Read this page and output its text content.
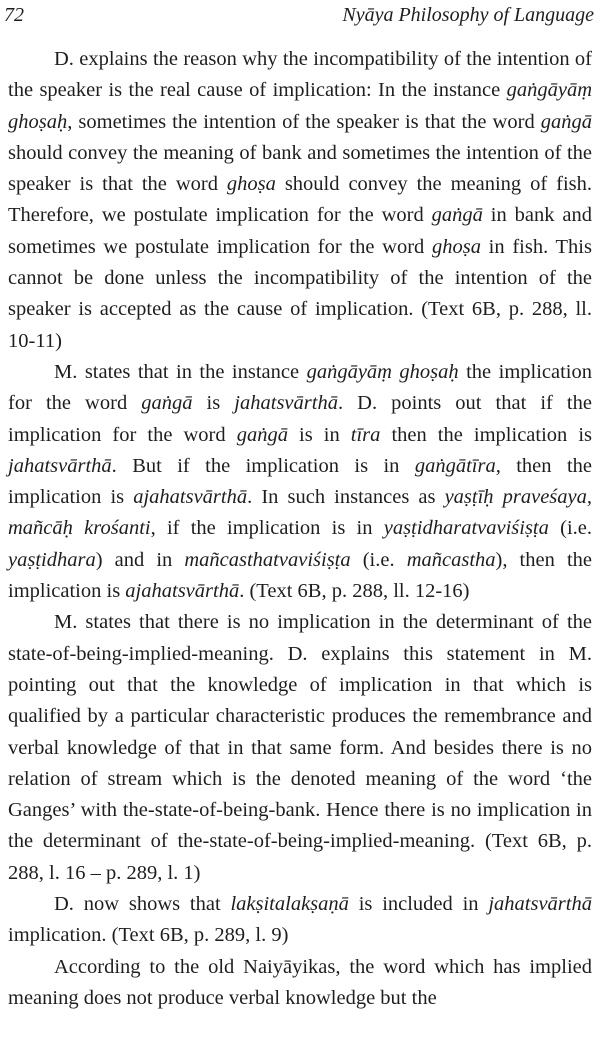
72	Nyāya Philosophy of Language

D. explains the reason why the incompatibility of the intention of the speaker is the real cause of implication: In the instance gaṅgāyāṃ ghoṣaḥ, sometimes the intention of the speaker is that the word gaṅgā should convey the meaning of bank and sometimes the intention of the speaker is that the word ghoṣa should convey the meaning of fish. Therefore, we postulate implication for the word gaṅgā in bank and sometimes we postulate implication for the word ghoṣa in fish. This cannot be done unless the incompatibility of the intention of the speaker is accepted as the cause of implication. (Text 6B, p. 288, ll. 10-11)

M. states that in the instance gaṅgāyāṃ ghoṣaḥ the implication for the word gaṅgā is jahatsvārthā. D. points out that if the implication for the word gaṅgā is in tīra then the implication is jahatsvārthā. But if the implication is in gaṅgātīra, then the implication is ajahatsvārthā. In such instances as yaṣṭīḥ praveśaya, mañcāḥ krośanti, if the implication is in yaṣṭidharatvaviśiṣṭa (i.e. yaṣṭidhara) and in mañcasthatvaviśiṣṭa (i.e. mañcastha), then the implication is ajahatsvārthā. (Text 6B, p. 288, ll. 12-16)

M. states that there is no implication in the determinant of the state-of-being-implied-meaning. D. explains this statement in M. pointing out that the knowledge of implication in that which is qualified by a particular characteristic produces the remembrance and verbal knowledge of that in that same form. And besides there is no relation of stream which is the denoted meaning of the word ‘the Ganges’ with the-state-of-being-bank. Hence there is no implication in the determinant of the-state-of-being-implied-meaning. (Text 6B, p. 288, l. 16 – p. 289, l. 1)

D. now shows that lakṣitalakṣaṇā is included in jahatsvārthā implication. (Text 6B, p. 289, l. 9)

According to the old Naiyāyikas, the word which has implied meaning does not produce verbal knowledge but the
